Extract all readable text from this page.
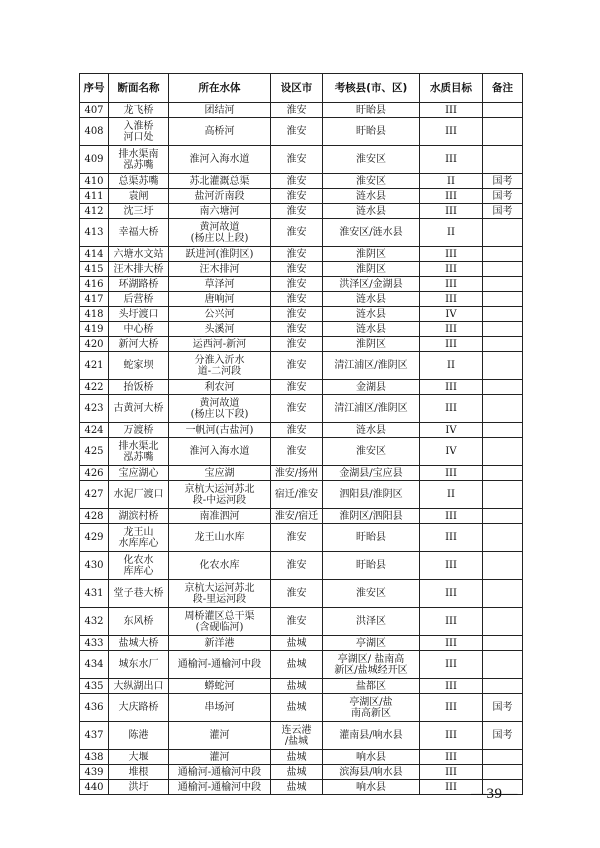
序号	断面名称	所在水体	设区市	考核县(市、区)	水质目标	备注
407	龙飞桥	团结河	淮安	盱眙县	III	
408	入淮桥
河口处	高桥河	淮安	盱眙县	III	
409	排水渠南
泓苏嘴	淮河入海水道	淮安	淮安区	III	
410	总渠苏嘴	苏北灌溉总渠	淮安	淮安区	II	国考
411	袁闸	盐河沂南段	淮安	涟水县	III	国考
412	沈三圩	南六塘河	淮安	涟水县	III	国考
413	幸福大桥	黄河故道
(杨庄以上段)	淮安	淮安区/涟水县	II	
414	六塘水文站	跃进河(淮阴区)	淮安	淮阴区	III	
415	汪木排大桥	汪木排河	淮安	淮阴区	III	
416	环湖路桥	草泽河	淮安	洪泽区/金湖县	III	
417	后营桥	唐响河	淮安	涟水县	III	
418	头圩渡口	公兴河	淮安	涟水县	IV	
419	中心桥	头溪河	淮安	涟水县	III	
420	新河大桥	运西河-新河	淮安	淮阴区	III	
421	蛇家坝	分淮入沂水
道-二河段	淮安	清江浦区/淮阴区	II	
422	抬饭桥	利农河	淮安	金湖县	III	
423	古黄河大桥	黄河故道
(杨庄以下段)	淮安	清江浦区/淮阴区	III	
424	万渡桥	一帆河(古盐河)	淮安	涟水县	IV	
425	排水渠北
泓苏嘴	淮河入海水道	淮安	淮安区	IV	
426	宝应湖心	宝应湖	淮安/扬州	金湖县/宝应县	III	
427	水泥厂渡口	京杭大运河苏北
段-中运河段	宿迁/淮安	泗阳县/淮阴区	II	
428	湖滨村桥	南准泗河	淮安/宿迁	淮阴区/泗阳县	III	
429	龙王山
水库库心	龙王山水库	淮安	盱眙县	III	
430	化农水
库库心	化农水库	淮安	盱眙县	III	
431	堂子巷大桥	京杭大运河苏北
段-里运河段	淮安	淮安区	III	
432	东风桥	周桥灌区总干渠
(含砚临河)	淮安	洪泽区	III	
433	盐城大桥	新洋港	盐城	亭湖区	III	
434	城东水厂	通榆河-通榆河中段	盐城	亭湖区/ 盐南高
新区/盐城经开区	III	
435	大纵湖出口	蟒蛇河	盐城	盐都区	III	
436	大庆路桥	串场河	盐城	亭湖区/盐
南高新区	III	国考
437	陈港	灌河	连云港
/盐城	灌南县/响水县	III	国考
438	大堰	灌河	盐城	响水县	III	
439	堆根	通榆河-通榆河中段	盐城	滨海县/响水县	III	
440	洪圩	通榆河-通榆河中段	盐城	响水县	III	—39—
